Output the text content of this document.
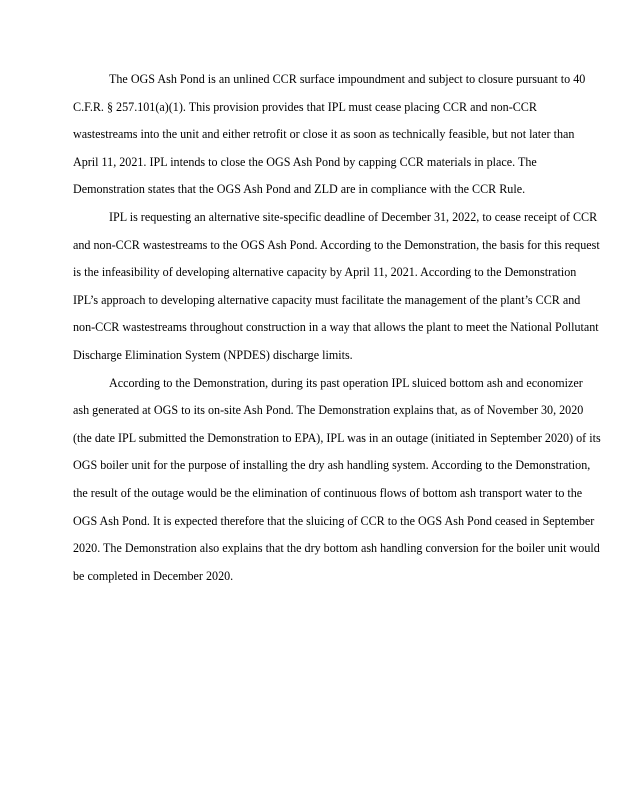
The OGS Ash Pond is an unlined CCR surface impoundment and subject to closure pursuant to 40 C.F.R. § 257.101(a)(1). This provision provides that IPL must cease placing CCR and non-CCR wastestreams into the unit and either retrofit or close it as soon as technically feasible, but not later than April 11, 2021. IPL intends to close the OGS Ash Pond by capping CCR materials in place. The Demonstration states that the OGS Ash Pond and ZLD are in compliance with the CCR Rule.

IPL is requesting an alternative site-specific deadline of December 31, 2022, to cease receipt of CCR and non-CCR wastestreams to the OGS Ash Pond. According to the Demonstration, the basis for this request is the infeasibility of developing alternative capacity by April 11, 2021. According to the Demonstration IPL’s approach to developing alternative capacity must facilitate the management of the plant’s CCR and non-CCR wastestreams throughout construction in a way that allows the plant to meet the National Pollutant Discharge Elimination System (NPDES) discharge limits.

According to the Demonstration, during its past operation IPL sluiced bottom ash and economizer ash generated at OGS to its on-site Ash Pond. The Demonstration explains that, as of November 30, 2020 (the date IPL submitted the Demonstration to EPA), IPL was in an outage (initiated in September 2020) of its OGS boiler unit for the purpose of installing the dry ash handling system. According to the Demonstration, the result of the outage would be the elimination of continuous flows of bottom ash transport water to the OGS Ash Pond. It is expected therefore that the sluicing of CCR to the OGS Ash Pond ceased in September 2020. The Demonstration also explains that the dry bottom ash handling conversion for the boiler unit would be completed in December 2020.
